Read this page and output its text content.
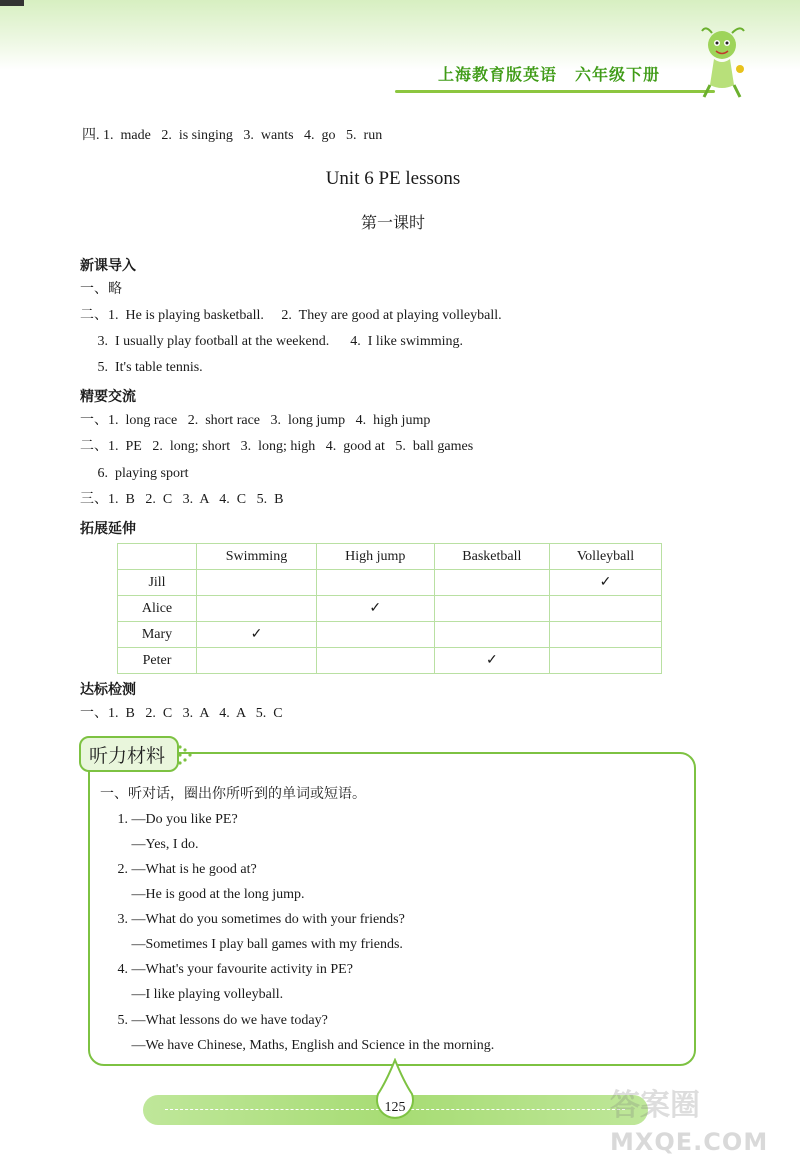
上海教育版英语 六年级下册
四. 1.  made   2.  is singing   3.  wants   4.  go   5.  run
Unit 6 PE lessons
第一课时
新课导入
一、略
二、1.  He is playing basketball.     2.  They are good at playing volleyball.
3.  I usually play football at the weekend.      4.  I like swimming.
5.  It's table tennis.
精要交流
一、1.  long race   2.  short race   3.  long jump   4.  high jump
二、1.  PE   2.  long; short   3.  long; high   4.  good at   5.  ball games
6.  playing sport
三、1.  B   2.  C   3.  A   4.  C   5.  B
拓展延伸
	Swimming	High jump	Basketball	Volleyball
Jill				✓
Alice		✓		
Mary	✓			
Peter			✓	
达标检测
一、1.  B   2.  C   3.  A   4.  A   5.  C
听力材料
一、听对话，圈出你所听到的单词或短语。
1. —Do you like PE?
—Yes, I do.
2. —What is he good at?
—He is good at the long jump.
3. —What do you sometimes do with your friends?
—Sometimes I play ball games with my friends.
4. —What's your favourite activity in PE?
—I like playing volleyball.
5. —What lessons do we have today?
—We have Chinese, Maths, English and Science in the morning.
125	答案圈
MXQE.COM
